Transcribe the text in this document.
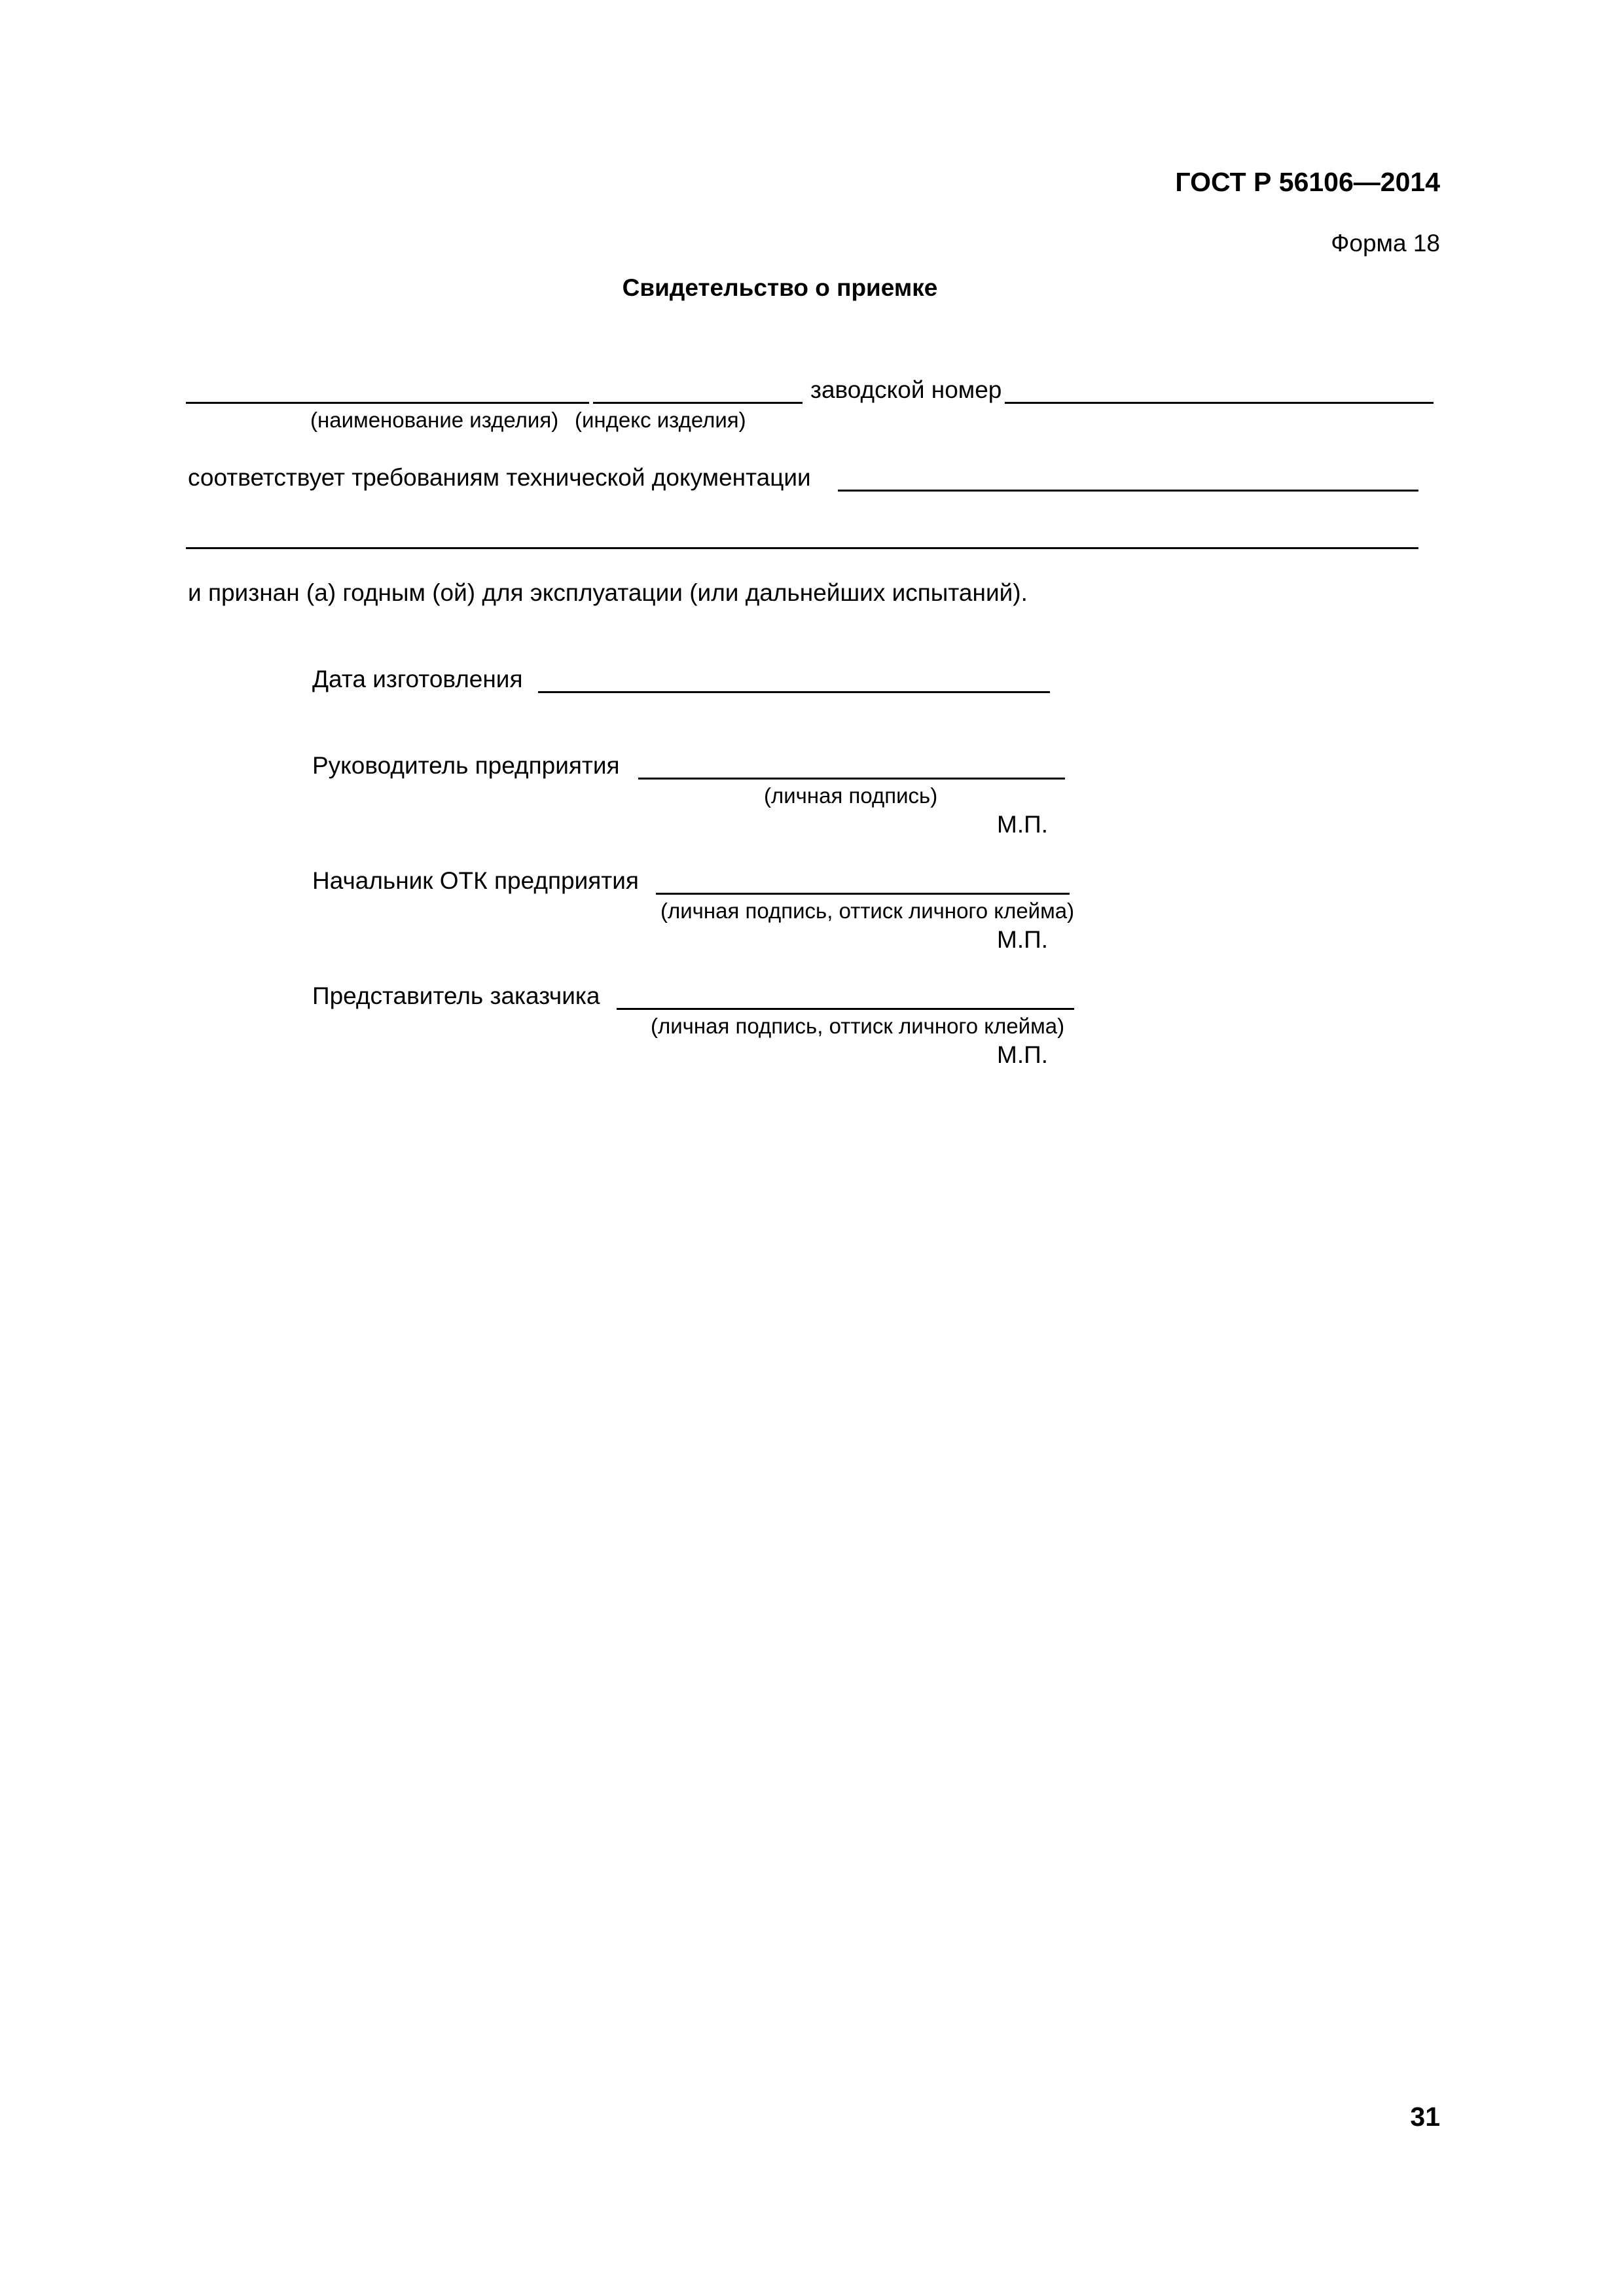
ГОСТ Р 56106—2014
Форма 18
Свидетельство о приемке
заводской номер
(наименование изделия) (индекс изделия)
соответствует требованиям технической документации
и признан (а) годным (ой) для эксплуатации (или дальнейших испытаний).
Дата изготовления
Руководитель предприятия
(личная подпись)
М.П.
Начальник ОТК предприятия
(личная подпись, оттиск личного клейма)
М.П.
Представитель заказчика
(личная подпись, оттиск личного клейма)
М.П.
31
